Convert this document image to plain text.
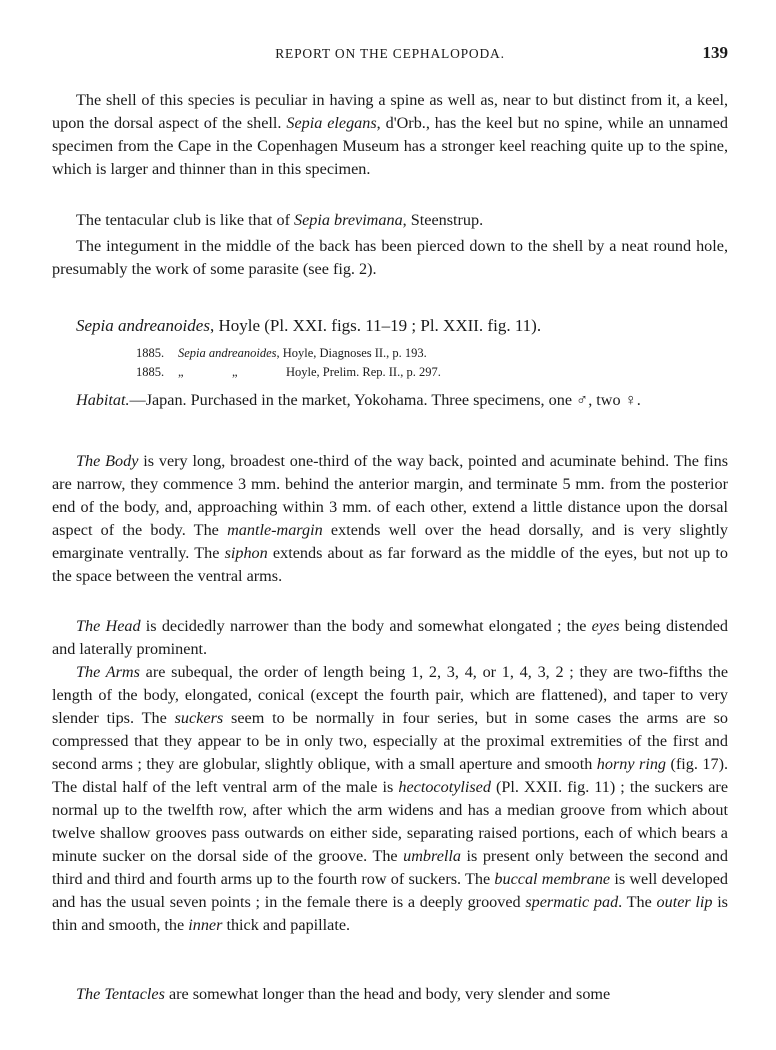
REPORT ON THE CEPHALOPODA.	139

The shell of this species is peculiar in having a spine as well as, near to but distinct from it, a keel, upon the dorsal aspect of the shell. Sepia elegans, d'Orb., has the keel but no spine, while an unnamed specimen from the Cape in the Copenhagen Museum has a stronger keel reaching quite up to the spine, which is larger and thinner than in this specimen.

The tentacular club is like that of Sepia brevimana, Steenstrup.

The integument in the middle of the back has been pierced down to the shell by a neat round hole, presumably the work of some parasite (see fig. 2).

Sepia andreanoides, Hoyle (Pl. XXI. figs. 11–19 ; Pl. XXII. fig. 11).
1885. Sepia andreanoides, Hoyle, Diagnoses II., p. 193.
1885. „	„	Hoyle, Prelim. Rep. II., p. 297.

Habitat.—Japan. Purchased in the market, Yokohama. Three specimens, one ♂, two ♀.

The Body is very long, broadest one-third of the way back, pointed and acuminate behind. The fins are narrow, they commence 3 mm. behind the anterior margin, and terminate 5 mm. from the posterior end of the body, and, approaching within 3 mm. of each other, extend a little distance upon the dorsal aspect of the body. The mantle-margin extends well over the head dorsally, and is very slightly emarginate ventrally. The siphon extends about as far forward as the middle of the eyes, but not up to the space between the ventral arms.

The Head is decidedly narrower than the body and somewhat elongated ; the eyes being distended and laterally prominent.

The Arms are subequal, the order of length being 1, 2, 3, 4, or 1, 4, 3, 2 ; they are two-fifths the length of the body, elongated, conical (except the fourth pair, which are flattened), and taper to very slender tips. The suckers seem to be normally in four series, but in some cases the arms are so compressed that they appear to be in only two, especially at the proximal extremities of the first and second arms ; they are globular, slightly oblique, with a small aperture and smooth horny ring (fig. 17). The distal half of the left ventral arm of the male is hectocotylised (Pl. XXII. fig. 11) ; the suckers are normal up to the twelfth row, after which the arm widens and has a median groove from which about twelve shallow grooves pass outwards on either side, separating raised portions, each of which bears a minute sucker on the dorsal side of the groove. The umbrella is present only between the second and third and third and fourth arms up to the fourth row of suckers. The buccal membrane is well developed and has the usual seven points ; in the female there is a deeply grooved spermatic pad. The outer lip is thin and smooth, the inner thick and papillate.

The Tentacles are somewhat longer than the head and body, very slender and some
